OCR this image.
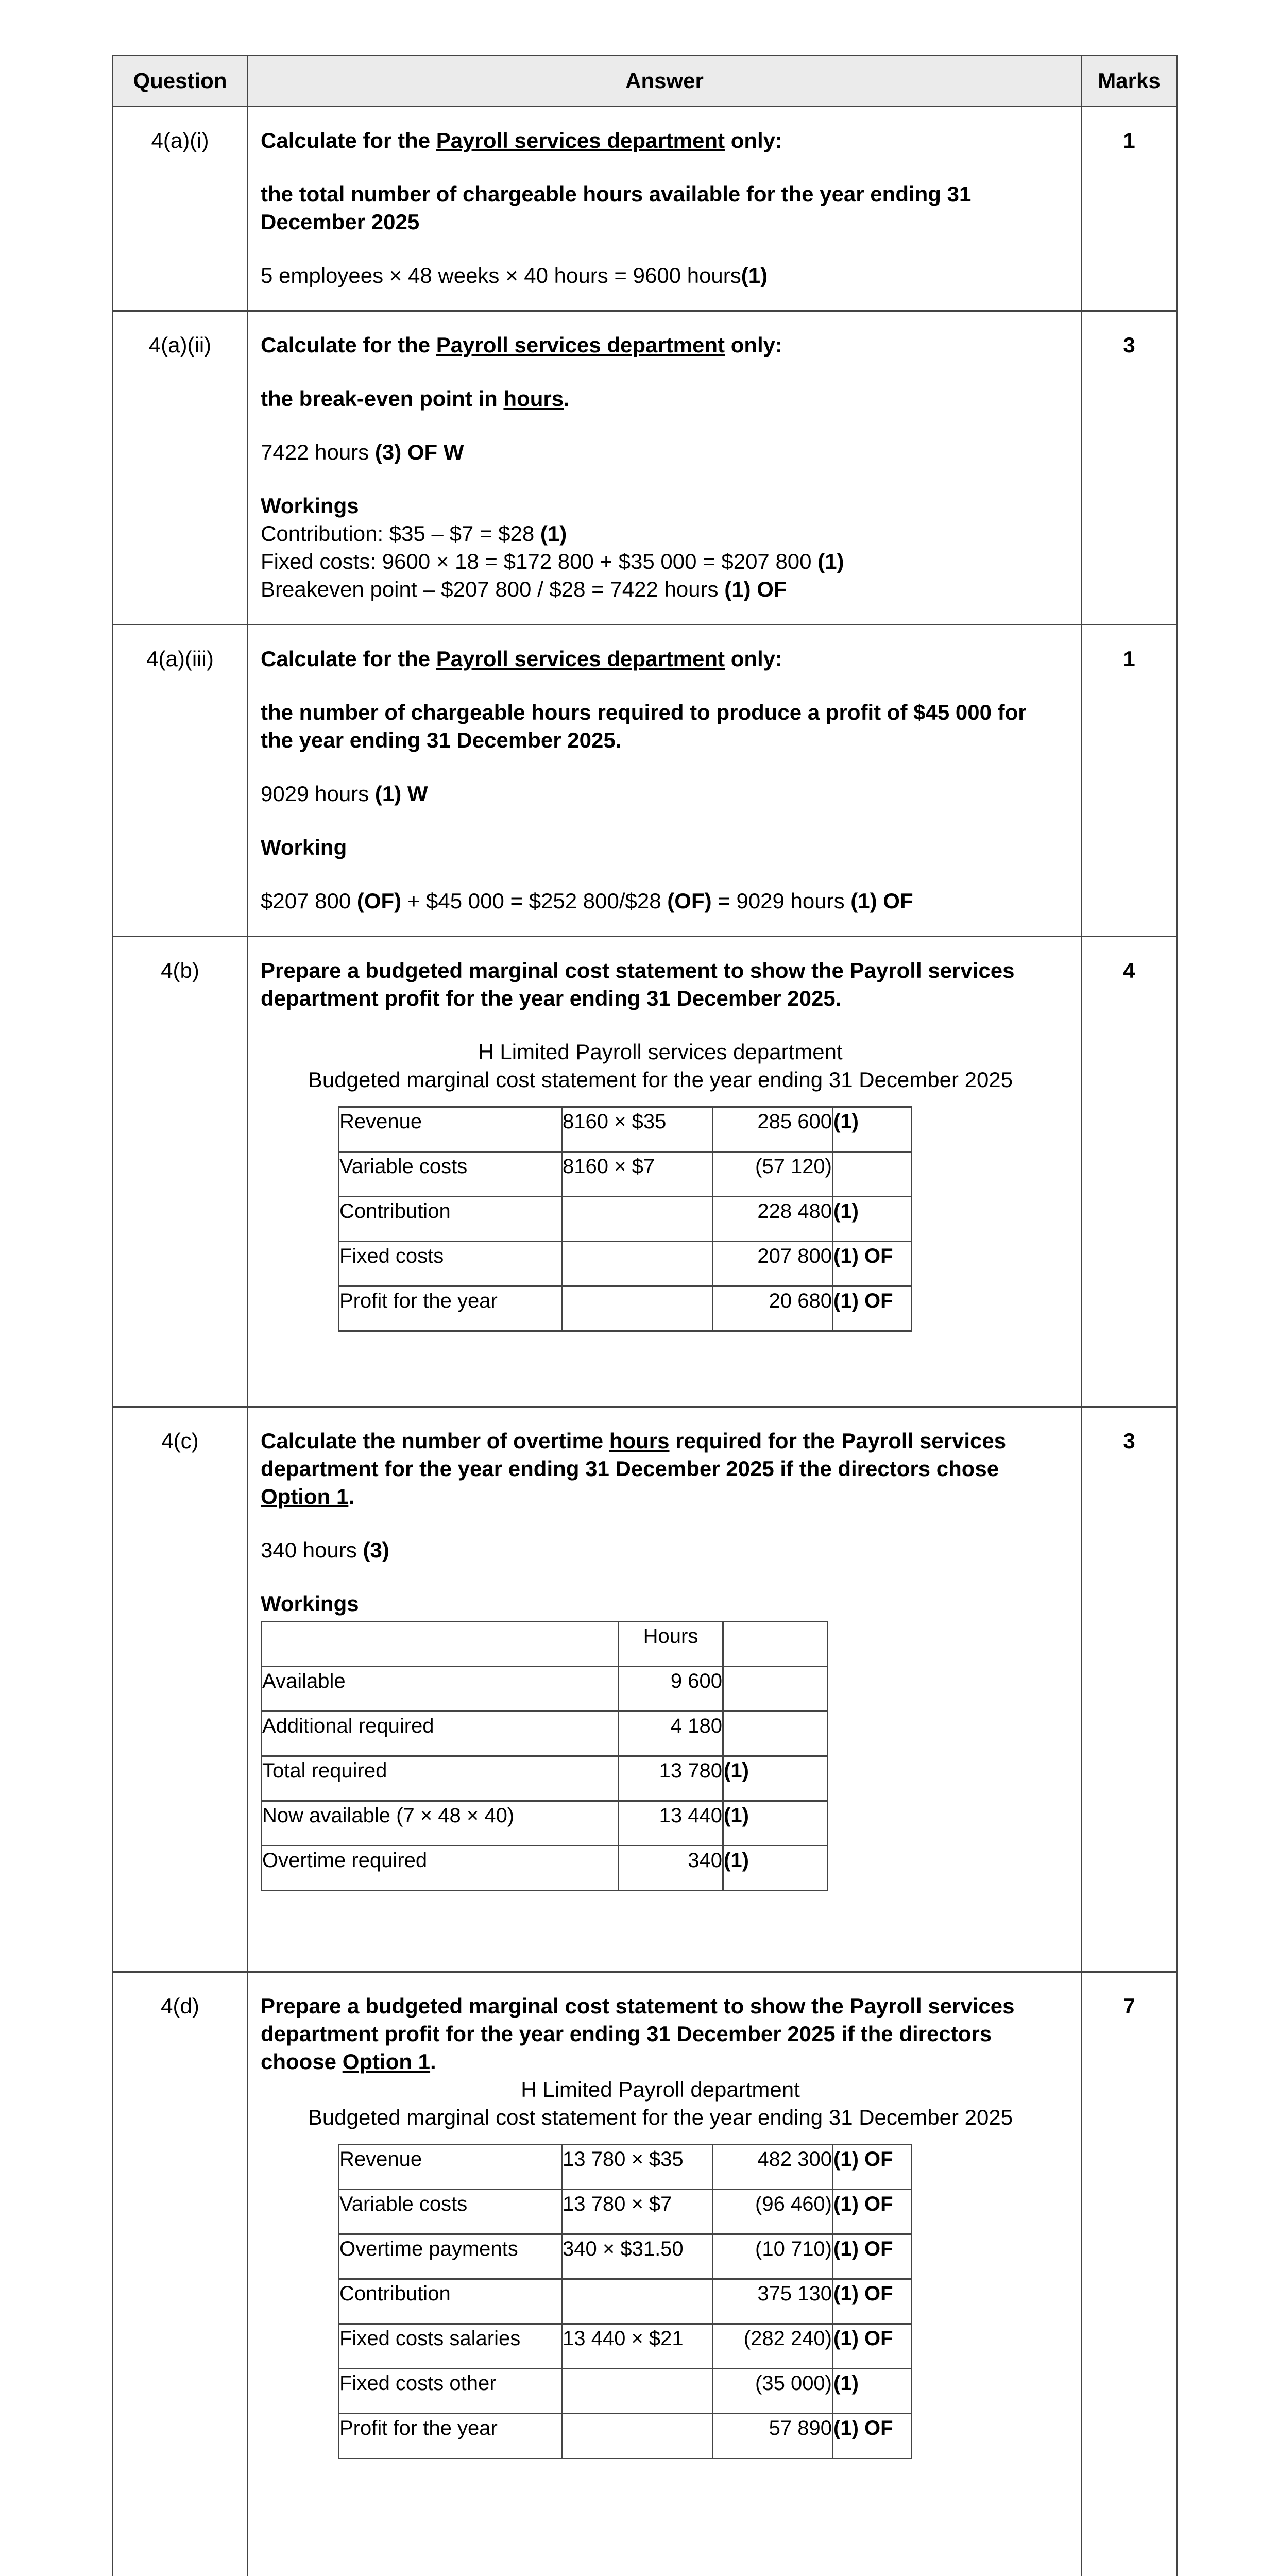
Question	Answer	Marks
4(a)(i)	Calculate for the Payroll services department only:

the total number of chargeable hours available for the year ending 31 December 2025

5 employees × 48 weeks × 40 hours = 9600 hours(1)

	1
4(a)(ii)	Calculate for the Payroll services department only:

the break-even point in hours.

7422 hours (3) OF W

Workings
Contribution: $35 – $7 = $28 (1)
Fixed costs: 9600 × 18 = $172 800 + $35 000 = $207 800 (1)
Breakeven point – $207 800 / $28 = 7422 hours (1) OF
	3
4(a)(iii)	Calculate for the Payroll services department only:

the number of chargeable hours required to produce a profit of $45 000 for the year ending 31 December 2025.

9029 hours (1) W

Working

$207 800 (OF) + $45 000 = $252 800/$28 (OF) = 9029 hours (1) OF

	1
4(b)	Prepare a budgeted marginal cost statement to show the Payroll services department profit for the year ending 31 December 2025.

H Limited Payroll services department
Budgeted marginal cost statement for the year ending 31 December 2025
Revenue	8160 × $35	285 600	(1)
Variable costs	8160 × $7	(57 120)	
Contribution		228 480	(1)
Fixed costs		207 800	(1) OF
Profit for the year		20 680	(1) OF
	4
4(c)	Calculate the number of overtime hours required for the Payroll services department for the year ending 31 December 2025 if the directors chose Option 1.

340 hours (3)

Workings
	Hours	
Available	9 600	
Additional required	4 180	
Total required	13 780	(1)
Now available (7 × 48 × 40)	13 440	(1)
Overtime required	340	(1)
	3
4(d)	Prepare a budgeted marginal cost statement to show the Payroll services department profit for the year ending 31 December 2025 if the directors choose Option 1.
H Limited Payroll department
Budgeted marginal cost statement for the year ending 31 December 2025
Revenue	13 780 × $35	482 300	(1) OF
Variable costs	13 780 × $7	(96 460)	(1) OF
Overtime payments	340 × $31.50	(10 710)	(1) OF
Contribution		375 130	(1) OF
Fixed costs salaries	13 440 × $21	(282 240)	(1) OF
Fixed costs other		(35 000)	(1)
Profit for the year		57 890	(1) OF
	7
